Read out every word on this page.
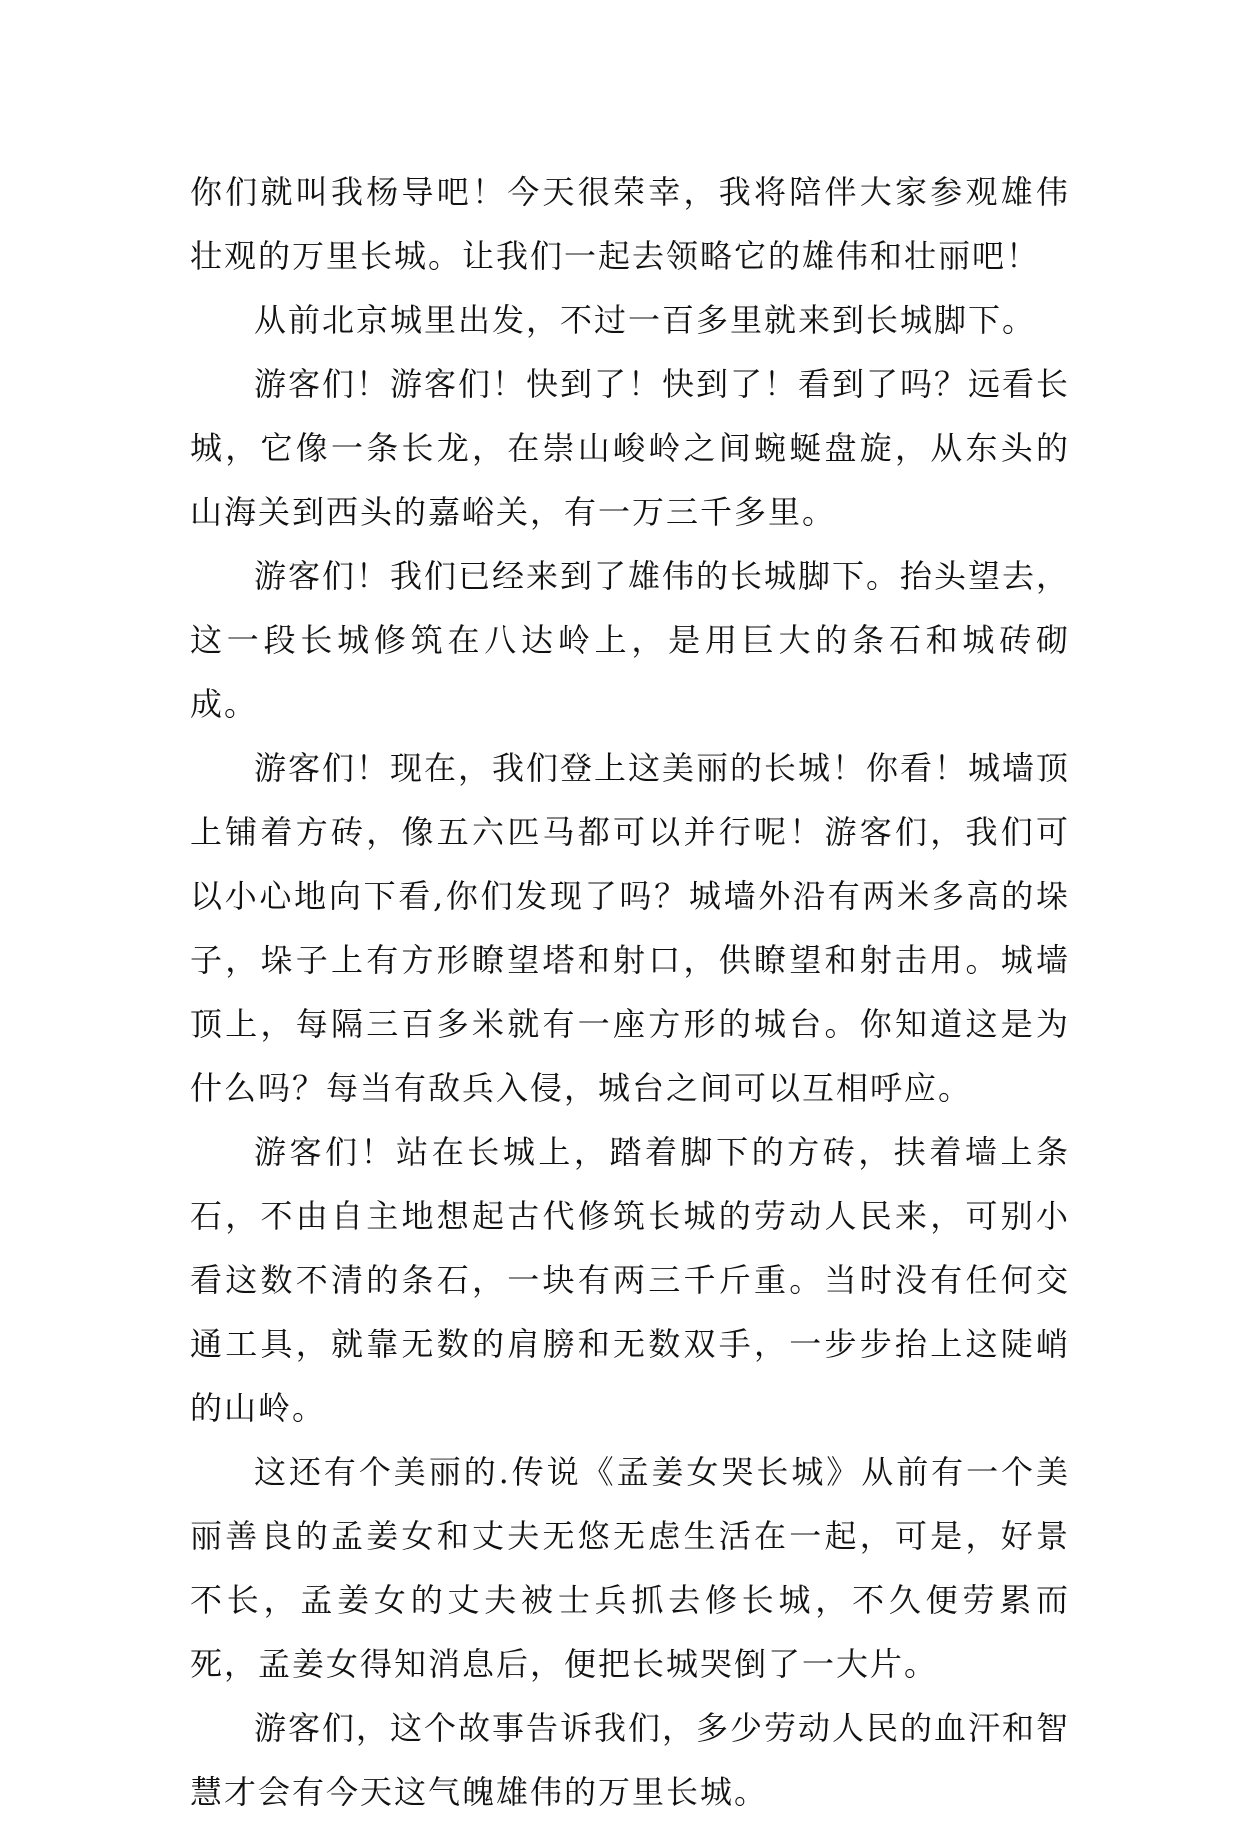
你们就叫我杨导吧！今天很荣幸，我将陪伴大家参观雄伟壮观的万里长城。让我们一起去领略它的雄伟和壮丽吧！

从前北京城里出发，不过一百多里就来到长城脚下。

游客们！游客们！快到了！快到了！看到了吗？远看长城，它像一条长龙，在崇山峻岭之间蜿蜒盘旋，从东头的山海关到西头的嘉峪关，有一万三千多里。

游客们！我们已经来到了雄伟的长城脚下。抬头望去，这一段长城修筑在八达岭上，是用巨大的条石和城砖砌成。

游客们！现在，我们登上这美丽的长城！你看！城墙顶上铺着方砖，像五六匹马都可以并行呢！游客们，我们可以小心地向下看,你们发现了吗？城墙外沿有两米多高的垛子，垛子上有方形瞭望塔和射口，供瞭望和射击用。城墙顶上，每隔三百多米就有一座方形的城台。你知道这是为什么吗？每当有敌兵入侵，城台之间可以互相呼应。

游客们！站在长城上，踏着脚下的方砖，扶着墙上条石，不由自主地想起古代修筑长城的劳动人民来，可别小看这数不清的条石，一块有两三千斤重。当时没有任何交通工具，就靠无数的肩膀和无数双手，一步步抬上这陡峭的山岭。

这还有个美丽的.传说《孟姜女哭长城》从前有一个美丽善良的孟姜女和丈夫无悠无虑生活在一起，可是，好景不长，孟姜女的丈夫被士兵抓去修长城，不久便劳累而死，孟姜女得知消息后，便把长城哭倒了一大片。

游客们，这个故事告诉我们，多少劳动人民的血汗和智慧才会有今天这气魄雄伟的万里长城。
